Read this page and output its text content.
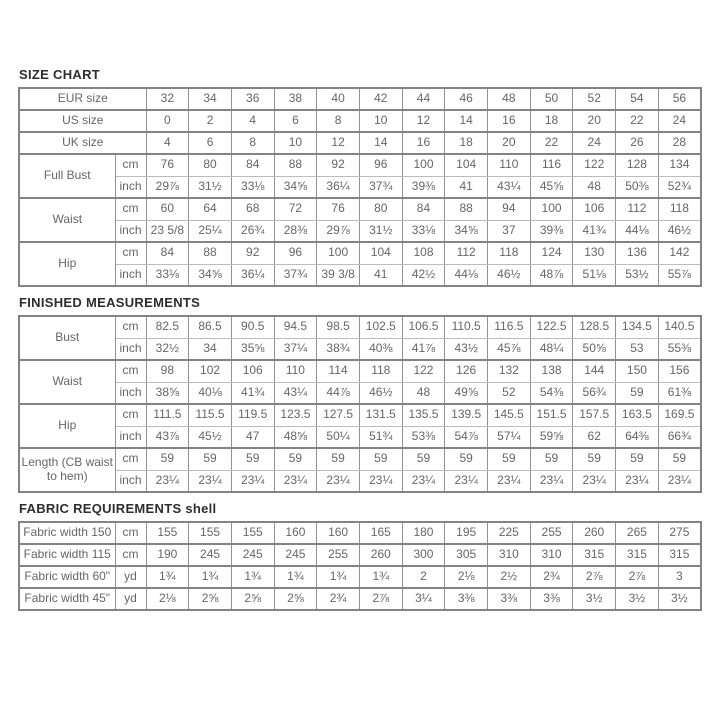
SIZE CHART
EUR size		32	34	36	38	40	42	44	46	48	50	52	54	56
US size		0	2	4	6	8	10	12	14	16	18	20	22	24
UK size		4	6	8	10	12	14	16	18	20	22	24	26	28
Full Bust	cm	76	80	84	88	92	96	100	104	110	116	122	128	134
	inch	29⅞	31½	33⅛	34⅝	36¼	37¾	39⅜	41	43¼	45⅝	48	50⅜	52¾
Waist	cm	60	64	68	72	76	80	84	88	94	100	106	112	118
	inch	23 5/8	25¼	26¾	28⅜	29⅞	31½	33⅛	34⅝	37	39⅜	41¾	44⅛	46½
Hip	cm	84	88	92	96	100	104	108	112	118	124	130	136	142
	inch	33⅛	34⅝	36¼	37¾	39 3/8	41	42½	44⅛	46½	48⅞	51⅛	53½	55⅞
FINISHED MEASUREMENTS
Bust	cm	82.5	86.5	90.5	94.5	98.5	102.5	106.5	110.5	116.5	122.5	128.5	134.5	140.5
	inch	32½	34	35⅝	37¼	38¾	40⅜	41⅞	43½	45⅞	48¼	50⅝	53	55⅜
Waist	cm	98	102	106	110	114	118	122	126	132	138	144	150	156
	inch	38⅝	40⅛	41¾	43¼	44⅞	46½	48	49⅝	52	54⅜	56¾	59	61⅜
Hip	cm	111.5	115.5	119.5	123.5	127.5	131.5	135.5	139.5	145.5	151.5	157.5	163.5	169.5
	inch	43⅞	45½	47	48⅝	50¼	51¾	53⅜	54⅞	57¼	59⅝	62	64⅜	66¾
Length (CB waist to hem)	cm	59	59	59	59	59	59	59	59	59	59	59	59	59
	inch	23¼	23¼	23¼	23¼	23¼	23¼	23¼	23¼	23¼	23¼	23¼	23¼	23¼
FABRIC REQUIREMENTS shell
Fabric width 150	cm	155	155	155	160	160	165	180	195	225	255	260	265	275
Fabric width 115	cm	190	245	245	245	255	260	300	305	310	310	315	315	315
Fabric width 60"	yd	1¾	1¾	1¾	1¾	1¾	1¾	2	2⅛	2½	2¾	2⅞	2⅞	3
Fabric width 45"	yd	2⅛	2⅝	2⅝	2⅝	2¾	2⅞	3¼	3⅜	3⅜	3⅜	3½	3½	3½
